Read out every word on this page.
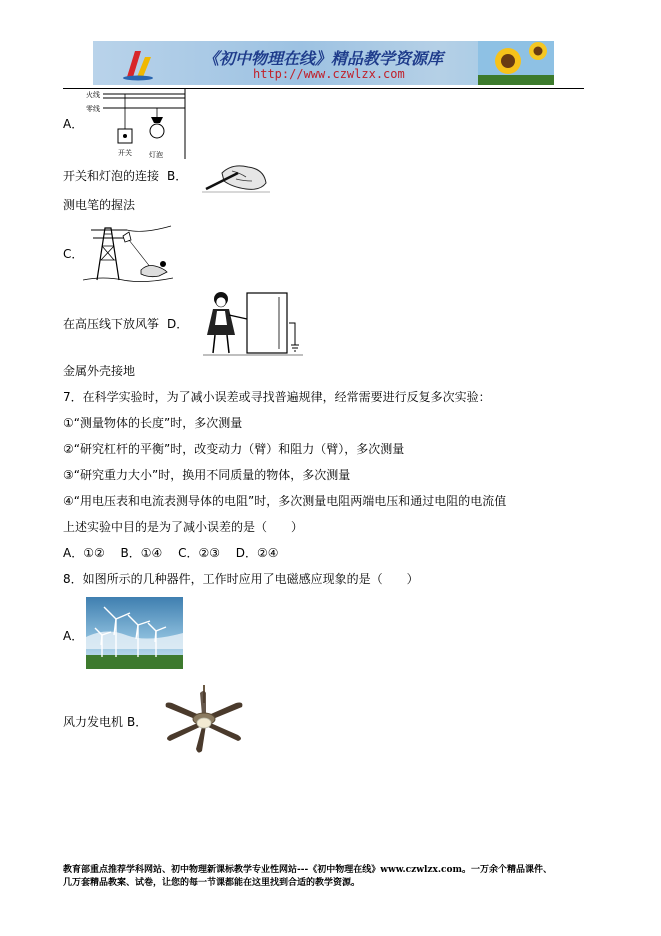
《初中物理在线》精品教学资源库
http://www.czwlzx.com
A．
火线
零线
开关 灯泡
开关和灯泡的连接 B．
测电笔的握法
C．
在高压线下放风筝 D．
金属外壳接地
7．在科学实验时，为了减小误差或寻找普遍规律，经常需要进行反复多次实验：
①“测量物体的长度”时，多次测量
②“研究杠杆的平衡”时，改变动力（臂）和阻力（臂），多次测量
③“研究重力大小”时，换用不同质量的物体，多次测量
④“用电压表和电流表测导体的电阻”时，多次测量电阻两端电压和通过电阻的电流值
上述实验中目的是为了减小误差的是（　　）
A．①②　 B．①④　 C．②③　 D．②④
8．如图所示的几种器件，工作时应用了电磁感应现象的是（　　）
A．
风力发电机 B．
教育部重点推荐学科网站、初中物理新课标教学专业性网站---《初中物理在线》www.czwlzx.com。一万余个精品课件、
几万套精品教案、试卷，让您的每一节课都能在这里找到合适的教学资源。
